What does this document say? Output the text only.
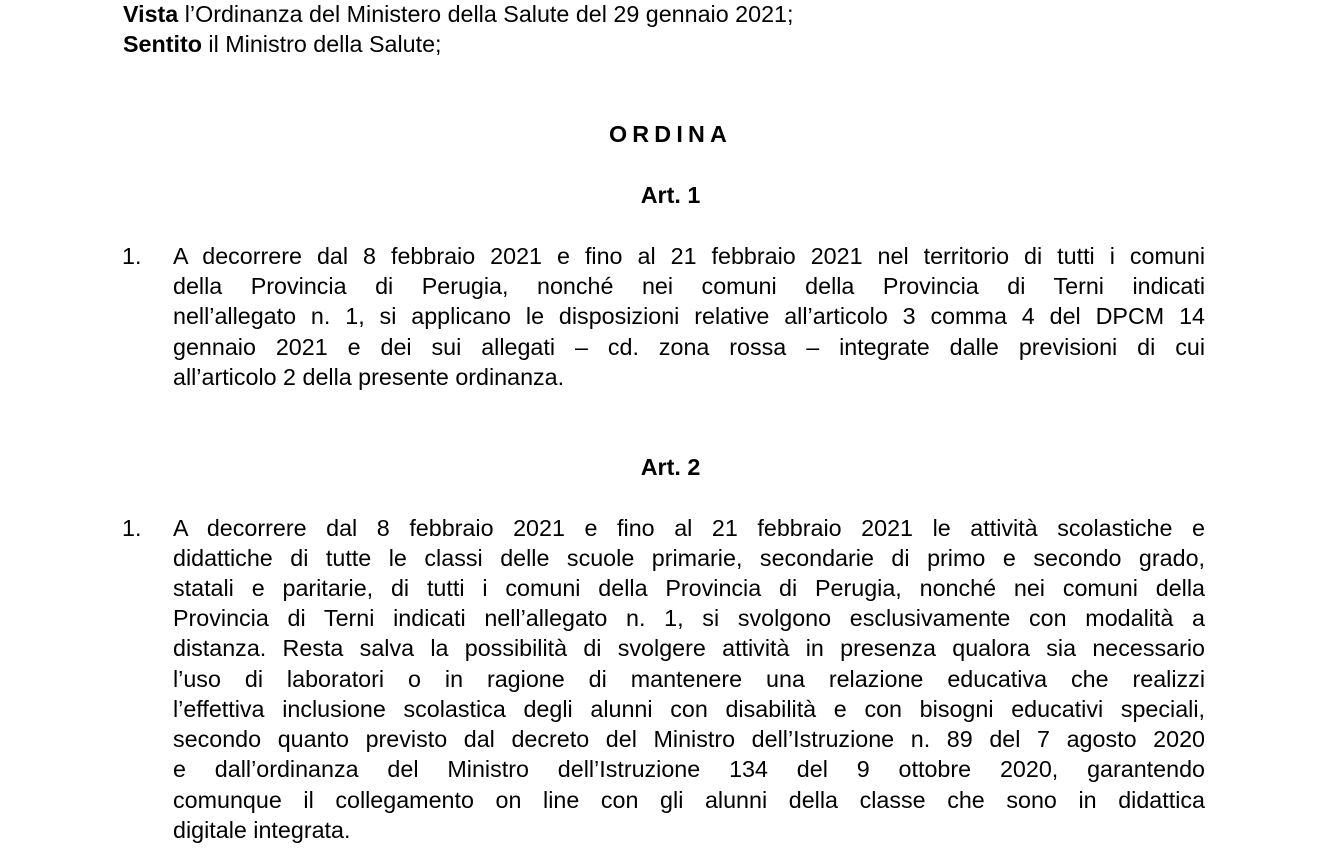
Vista l’Ordinanza del Ministero della Salute del 29 gennaio 2021;
Sentito il Ministro della Salute;
ORDINA
Art. 1
1. A decorrere dal 8 febbraio 2021 e fino al 21 febbraio 2021 nel territorio di tutti i comuni
della Provincia di Perugia, nonché nei comuni della Provincia di Terni indicati
nell’allegato n. 1, si applicano le disposizioni relative all’articolo 3 comma 4 del DPCM 14
gennaio 2021 e dei sui allegati – cd. zona rossa – integrate dalle previsioni di cui
all’articolo 2 della presente ordinanza.
Art. 2
1. A decorrere dal 8 febbraio 2021 e fino al 21 febbraio 2021 le attività scolastiche e
didattiche di tutte le classi delle scuole primarie, secondarie di primo e secondo grado,
statali e paritarie, di tutti i comuni della Provincia di Perugia, nonché nei comuni della
Provincia di Terni indicati nell’allegato n. 1, si svolgono esclusivamente con modalità a
distanza. Resta salva la possibilità di svolgere attività in presenza qualora sia necessario
l’uso di laboratori o in ragione di mantenere una relazione educativa che realizzi
l’effettiva inclusione scolastica degli alunni con disabilità e con bisogni educativi speciali,
secondo quanto previsto dal decreto del Ministro dell’Istruzione n. 89 del 7 agosto 2020
e dall’ordinanza del Ministro dell’Istruzione 134 del 9 ottobre 2020, garantendo
comunque il collegamento on line con gli alunni della classe che sono in didattica
digitale integrata.
